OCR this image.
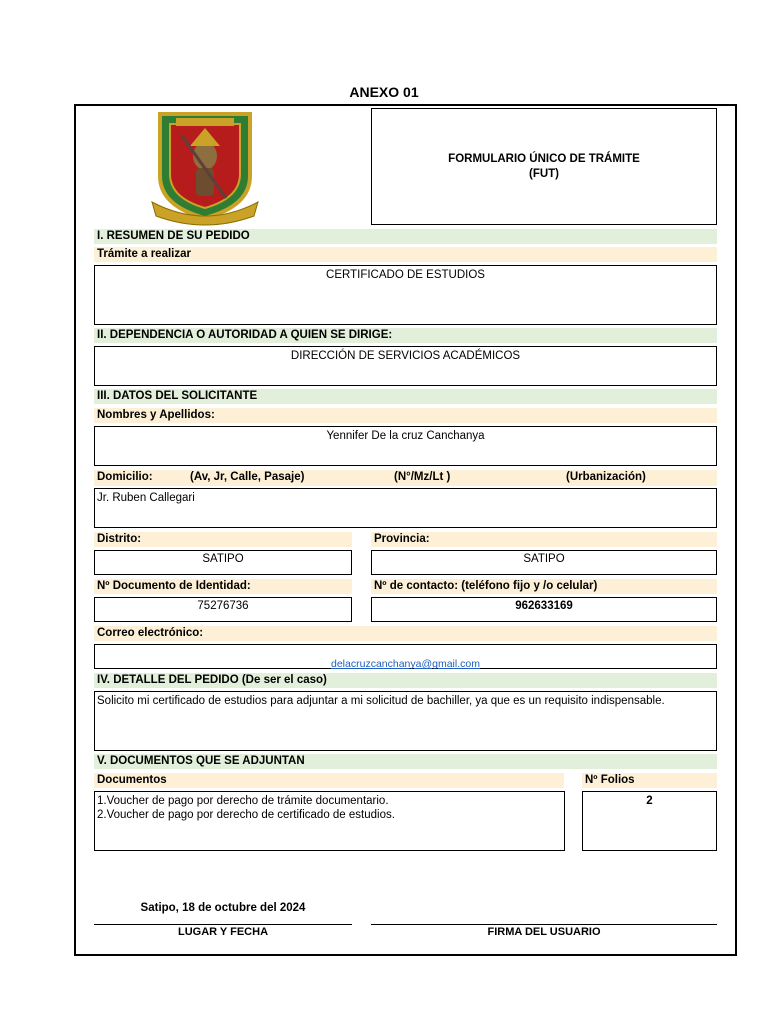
ANEXO 01
FORMULARIO ÚNICO DE TRÁMITE
(FUT)
I. RESUMEN DE SU PEDIDO
Trámite a realizar
CERTIFICADO DE ESTUDIOS
II. DEPENDENCIA O AUTORIDAD A QUIEN SE DIRIGE:
DIRECCIÓN DE SERVICIOS ACADÉMICOS
III. DATOS DEL SOLICITANTE
Nombres y Apellidos:
Yennifer De la cruz Canchanya
Domicilio:	(Av, Jr, Calle, Pasaje)	(N°/Mz/Lt )	(Urbanización)
Jr. Ruben Callegari
Distrito:	Provincia:
SATIPO	SATIPO
Nº Documento de Identidad:	Nº de contacto: (teléfono fijo y /o celular)
75276736	962633169
Correo electrónico:
delacruzcanchanya@gmail.com
IV. DETALLE DEL PEDIDO (De ser el caso)
Solicito mi certificado de estudios para adjuntar a mi solicitud de bachiller, ya que es un requisito indispensable.
V. DOCUMENTOS QUE SE ADJUNTAN
Documentos	Nº Folios
1.Voucher de pago por derecho de trámite documentario.
2.Voucher de pago por derecho de certificado de estudios.
2
Satipo, 18 de octubre del 2024
LUGAR Y FECHA	FIRMA DEL USUARIO
